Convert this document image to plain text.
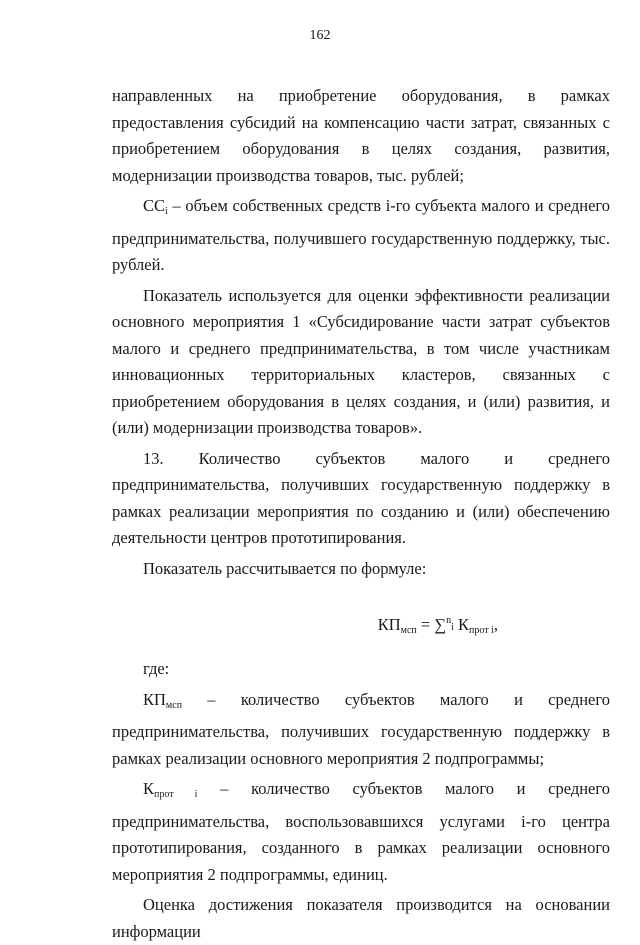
162

направленных на приобретение оборудования, в рамках предоставления субсидий на компенсацию части затрат, связанных с приобретением оборудования в целях создания, развития, модернизации производства товаров, тыс. рублей;

$СС_i$ – объем собственных средств i-го субъекта малого и среднего предпринимательства, получившего государственную поддержку, тыс. рублей.

Показатель используется для оценки эффективности реализации основного мероприятия 1 «Субсидирование части затрат субъектов малого и среднего предпринимательства, в том числе участникам инновационных территориальных кластеров, связанных с приобретением оборудования в целях создания, и (или) развития, и (или) модернизации производства товаров».

13. Количество субъектов малого и среднего предпринимательства, получивших государственную поддержку в рамках реализации мероприятия по созданию и (или) обеспечению деятельности центров прототипирования.

Показатель рассчитывается по формуле:

$КП_{мсп} = \sum^ni$ $К_{прот i}$,

где:

$КП_{мсп}$ – количество субъектов малого и среднего предпринимательства, получивших государственную поддержку в рамках реализации основного мероприятия 2 подпрограммы;

$К_{прот i}$ – количество субъектов малого и среднего предпринимательства, воспользовавшихся услугами i-го центра прототипирования, созданного в рамках реализации основного мероприятия 2 подпрограммы, единиц.

Оценка достижения показателя производится на основании информации
